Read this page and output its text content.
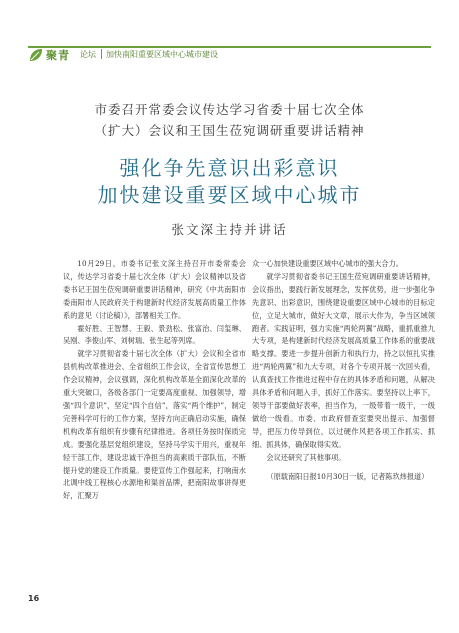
聚青 论坛 加快南阳重要区域中心城市建设
市委召开常委会议传达学习省委十届七次全体
（扩大）会议和王国生莅宛调研重要讲话精神
强化争先意识出彩意识
加快建设重要区域中心城市
张文深主持并讲话

10月29日，市委书记张文深主持召开市委常委会议，传达学习省委十届七次全体（扩大）会议精神以及省委书记王国生莅宛调研重要讲话精神，研究《中共南阳市委南阳市人民政府关于构建新时代经济发展高质量工作体系的意见（讨论稿）》，部署相关工作。

霍好胜、王智慧、王毅、景劲松、张富治、闫玺琳、吴刚、李俊山军、刘树瑞、张生起等列席。

就学习贯彻省委十届七次全体（扩大）会议和全省市县机构改革推进会、全省组织工作会议，全省宣传思想工作会议精神，会议强调，深化机构改革是全面深化改革的重大突破口，各级各部门一定要高度重视、加强领导，增强“四个意识”，坚定“四个自信”，落实“两个维护”，制定完善科学可行的工作方案，坚持方向正确启动实施，确保机构改革有组织有步骤有纪律推进。各项任务按时保质完成。要强化基层党组织建设，坚持马学实干用兴，重视年轻干部工作，建设忠诚干净担当的高素质干部队伍，不断提升党的建设工作质量。要使宣传工作强起来，打响南水北调中线工程核心水源地和渠首品牌，把南阳故事讲得更好，汇聚万

众一心加快建设重要区域中心城市的强大合力。

就学习贯彻省委书记王国生莅宛调研重要讲话精神，会议指出，要践行新发展理念，发挥优势，进一步强化争先意识、出彩意识，围绕建设重要区域中心城市的目标定位，立足大城市，做好大文章，展示大作为，争当区域领跑者。实践证明，强力实施“两轮两翼”战略，重抓重推九大专项，是构建新时代经济发展高质量工作体系的重要战略支撑。要进一步提升创新力和执行力，持之以恒扎实推进“两轮两翼”和九大专项，对各个专项开展一次回头看，认真查找工作推进过程中存在的具体矛盾和问题，从解决具体矛盾和问题入手，抓好工作落实。要坚持以上率下，领导干部要做好表率，担当作为，一级带着一级干，一级做给一级看。市委、市政府督查室要突出提示、加强督导，把压力传导到位，以过硬作风把各项工作抓实、抓细、抓具体，确保取得实效。

会议还研究了其他事项。

（原载南阳日报10月30日一版，记者陈玖炜报道）

16
